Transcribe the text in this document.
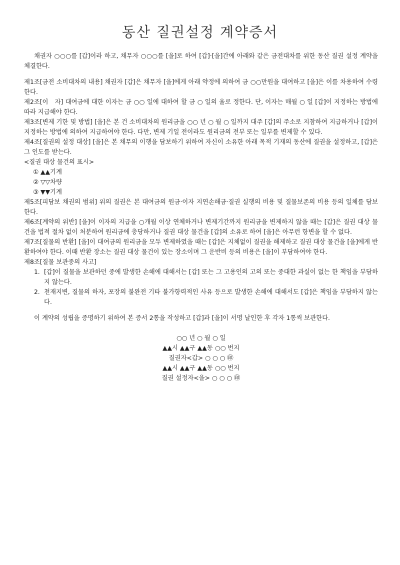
동산 질권설정 계약증서

채권자 ○○○를 [갑]이라 하고, 채무자 ○○○를 [을]로 하여 [갑]·[을]간에 아래와 같은 금전대차를 위한 동산 질권 설정 계약을 체결한다.

제1조[금전 소비대차의 내용] 채권자 [갑]은 채무자 [을]에게 아래 약정에 의하여 금 ○○만원을 대여하고 [을]은 이를 차용하여 수령한다.

제2조[이　자] 대여금에 대한 이자는 금 ○○ 일에 대하여 할 금 ○ 일의 율로 정한다. 단, 이자는 매월 ○ 일 [갑]이 지정하는 방법에 따라 지급해야 한다.

제3조[변제 기한 및 방법] [을]은 본 건 소비대차의 원리금을 ○○ 년 ○ 월 ○ 일까지 대주 [갑]의 주소로 지참하여 지급하거나 [갑]이 지정하는 방법에 의하여 지급하여야 한다. 다만, 변제 기일 전이라도 원리금의 전부 또는 일부를 변제할 수 있다.

제4조[질권의 설정 대상] [을]은 본 채무의 이행을 담보하기 위하여 자신이 소유한 아래 목적 기재의 동산에 질권을 설정하고, [갑]은 그 인도를 받는다.

<질권 대상 물건의 표시>

① ▲▲기계

② ▽▽차량

③ ▼▼기계

제5조[피담보 채권의 범위] 위의 질권은 본 대여금의 원금·이자 지연손해금·질권 실행의 비용 및 질물보존의 비용 등의 일체를 담보한다.

제6조[계약의 위반] [을]이 이자의 지급을 ○개월 이상 연체하거나 변제기간까지 원리금을 변제하지 않을 때는 [갑]은 질권 대상 물건을 법적 절차 없이 처분하여 원리금에 충당하거나 질권 대상 물건을 [갑]의 소유로 하여 [을]은 아무런 항변을 할 수 없다.

제7조[질물의 반환] [을]이 대여금의 원리금을 모두 변제하였을 때는 [갑]은 지체없이 질권을 해제하고 질권 대상 물건을 [을]에게 반환하여야 한다. 이때 반환 장소는 질권 대상 물건이 있는 장소이며 그 운반비 등의 비용은 [을]이 부담하여야 한다.

제8조[질물 보관중의 사고]

1. [갑]이 질물을 보관하던 중에 발생한 손해에 대해서는 [갑] 또는 그 고용인의 고의 또는 중대한 과실이 없는 한 책임을 부담하지 않는다.
2. 천재지변, 질물의 하자, 포장의 불완전 기타 불가항력적인 사유 등으로 발생한 손해에 대해서도 [갑]은 책임을 부담하지 않는다.

이 계약의 성립을 증명하기 위하여 본 증서 2통을 작성하고 [갑]과 [을]이 서명 날인한 후 각자 1통씩 보관한다.

○○ 년 ○ 월 ○ 일

▲▲시 ▲▲구 ▲▲동 ○○ 번지

질권자<갑> ○ ○ ○ ㊞

▲▲시 ▲▲구 ▲▲동 ○○ 번지

질권 설정자<을> ○ ○ ○ ㊞
